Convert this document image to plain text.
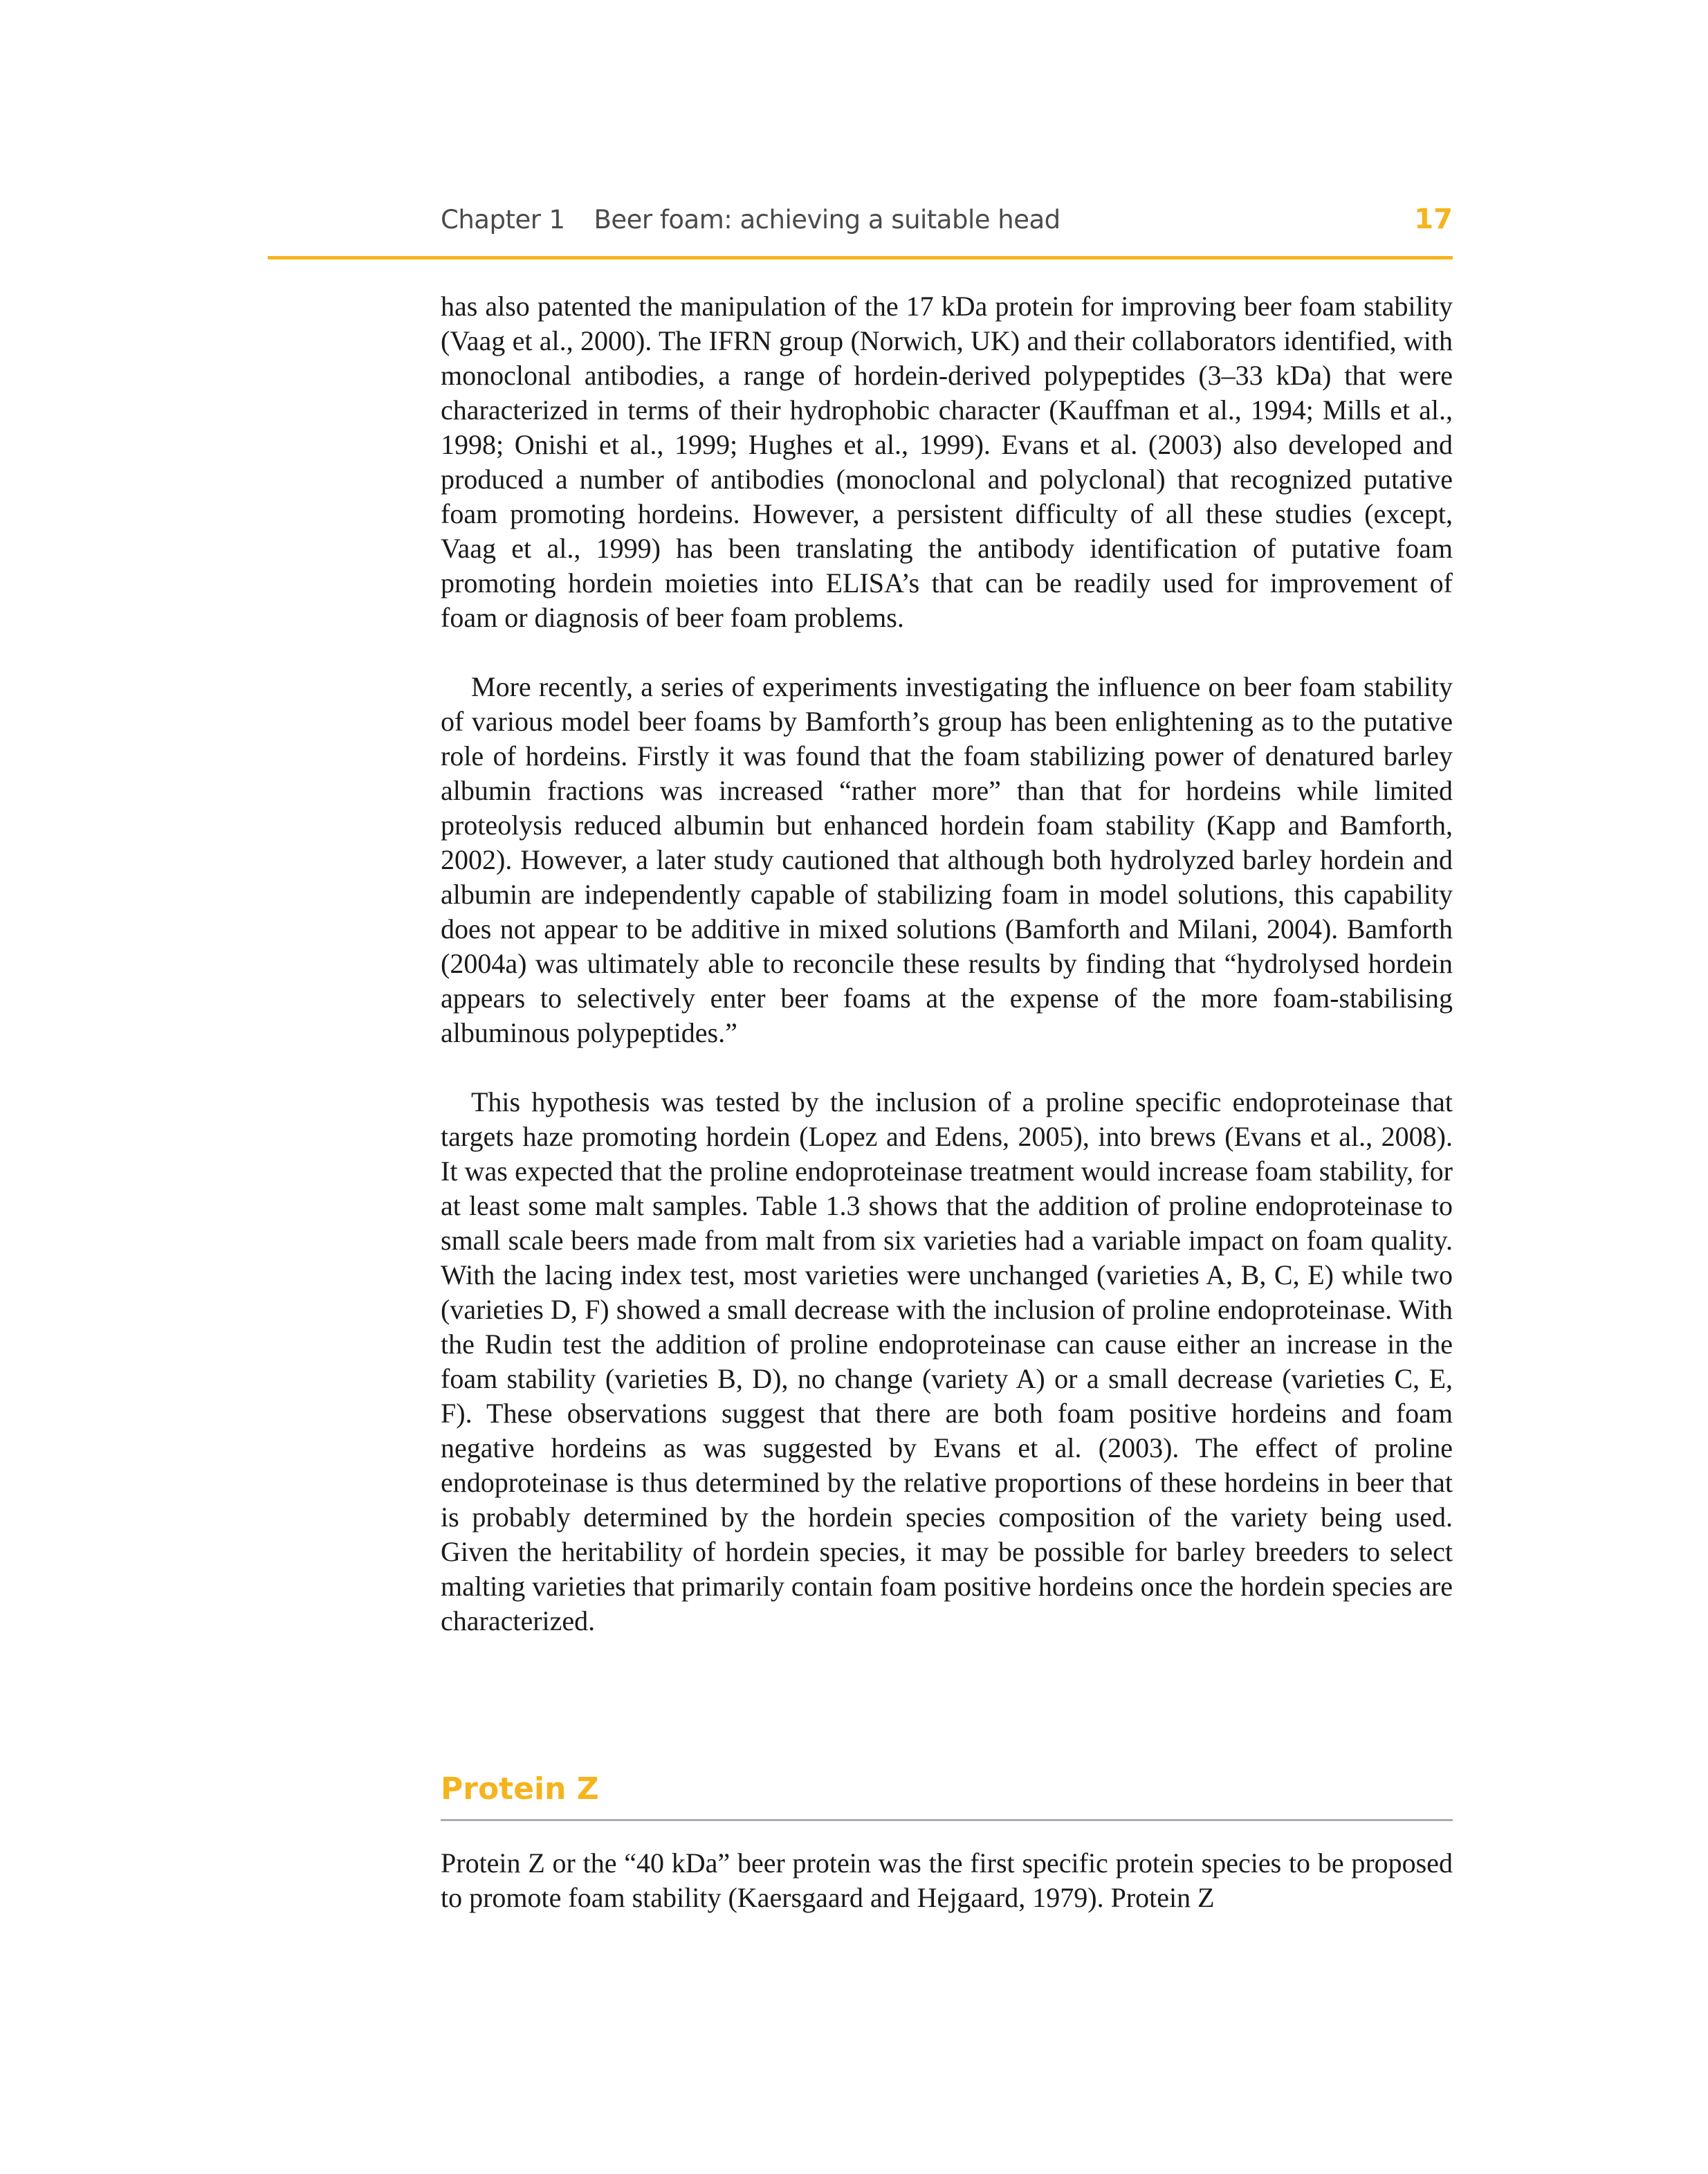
Chapter 1 Beer foam: achieving a suitable head	17

has also patented the manipulation of the 17 kDa protein for improving beer foam stability (Vaag et al., 2000). The IFRN group (Norwich, UK) and their collaborators identified, with monoclonal antibodies, a range of hordein-derived polypeptides (3–33 kDa) that were characterized in terms of their hydrophobic character (Kauffman et al., 1994; Mills et al., 1998; Onishi et al., 1999; Hughes et al., 1999). Evans et al. (2003) also developed and produced a number of antibodies (monoclonal and polyclonal) that recognized putative foam promoting hordeins. However, a persistent difficulty of all these studies (except, Vaag et al., 1999) has been translating the antibody identification of putative foam promoting hordein moieties into ELISA’s that can be readily used for improvement of foam or diagnosis of beer foam problems.

More recently, a series of experiments investigating the influence on beer foam stability of various model beer foams by Bamforth’s group has been enlightening as to the putative role of hordeins. Firstly it was found that the foam stabilizing power of denatured barley albumin fractions was increased “rather more” than that for hordeins while limited proteolysis reduced albumin but enhanced hordein foam stability (Kapp and Bamforth, 2002). However, a later study cautioned that although both hydrolyzed barley hordein and albumin are independently capable of stabilizing foam in model solutions, this capability does not appear to be additive in mixed solutions (Bamforth and Milani, 2004). Bamforth (2004a) was ultimately able to reconcile these results by finding that “hydrolysed hordein appears to selectively enter beer foams at the expense of the more foam-stabilising albuminous polypeptides.”

This hypothesis was tested by the inclusion of a proline specific endoproteinase that targets haze promoting hordein (Lopez and Edens, 2005), into brews (Evans et al., 2008). It was expected that the proline endoproteinase treatment would increase foam stability, for at least some malt samples. Table 1.3 shows that the addition of proline endoproteinase to small scale beers made from malt from six varieties had a variable impact on foam quality. With the lacing index test, most varieties were unchanged (varieties A, B, C, E) while two (varieties D, F) showed a small decrease with the inclusion of proline endoproteinase. With the Rudin test the addition of proline endoproteinase can cause either an increase in the foam stability (varieties B, D), no change (variety A) or a small decrease (varieties C, E, F). These observations suggest that there are both foam positive hordeins and foam negative hordeins as was suggested by Evans et al. (2003). The effect of proline endoproteinase is thus determined by the relative proportions of these hordeins in beer that is probably determined by the hordein species composition of the variety being used. Given the heritability of hordein species, it may be possible for barley breeders to select malting varieties that primarily contain foam positive hordeins once the hordein species are characterized.

Protein Z

Protein Z or the “40 kDa” beer protein was the first specific protein species to be proposed to promote foam stability (Kaersgaard and Hejgaard, 1979). Protein Z
